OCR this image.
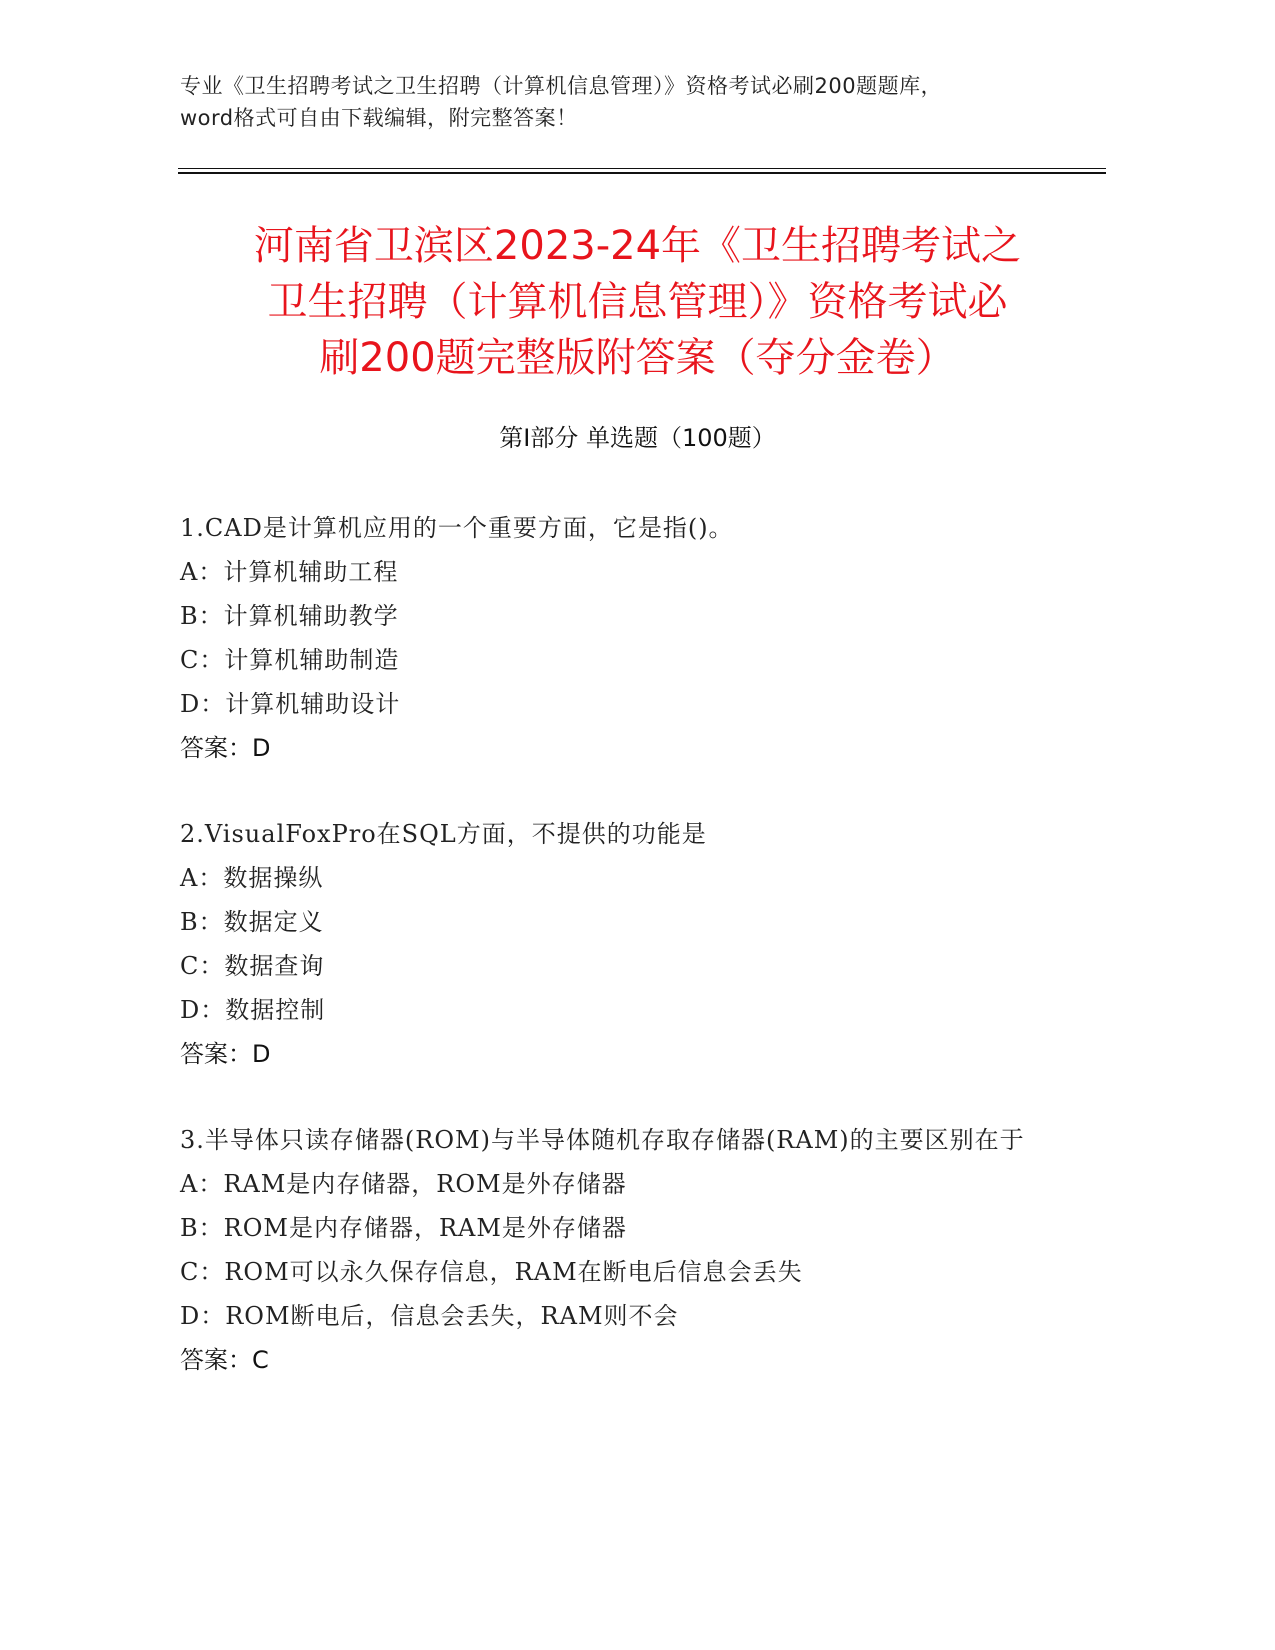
专业《卫生招聘考试之卫生招聘（计算机信息管理）》资格考试必刷200题题库，
word格式可自由下载编辑，附完整答案！
河南省卫滨区2023-24年《卫生招聘考试之
卫生招聘（计算机信息管理）》资格考试必
刷200题完整版附答案（夺分金卷）
第Ⅰ部分 单选题（100题）

1.CAD是计算机应用的一个重要方面，它是指()。

A：计算机辅助工程

B：计算机辅助教学

C：计算机辅助制造

D：计算机辅助设计

答案：D

2.VisualFoxPro在SQL方面，不提供的功能是

A：数据操纵

B：数据定义

C：数据查询

D：数据控制

答案：D

3.半导体只读存储器(ROM)与半导体随机存取存储器(RAM)的主要区别在于

A：RAM是内存储器，ROM是外存储器

B：ROM是内存储器，RAM是外存储器

C：ROM可以永久保存信息，RAM在断电后信息会丢失

D：ROM断电后，信息会丢失，RAM则不会

答案：C
